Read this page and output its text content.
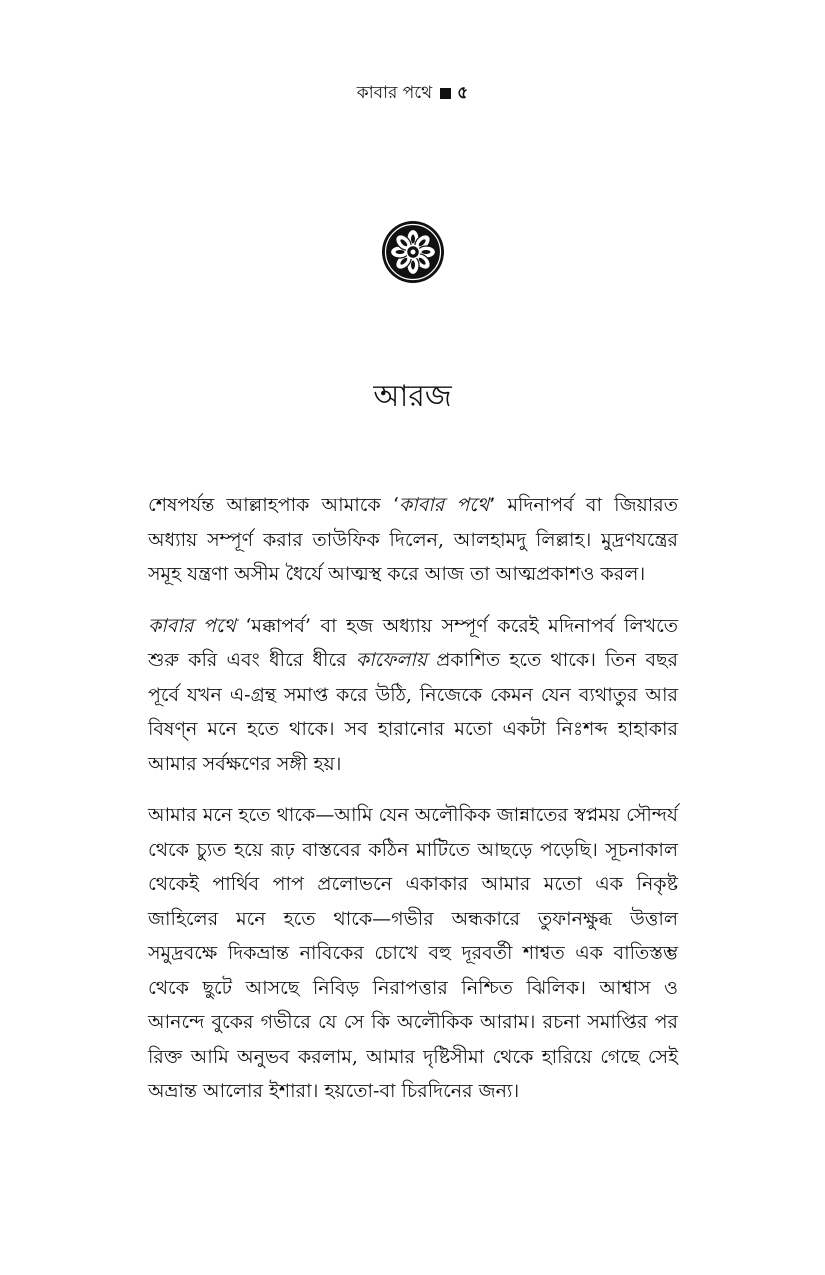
কাবার পথে ৫
আরজ

শেষপর্যন্ত আল্লাহপাক আমাকে ‘কাবার পথে’ মদিনাপর্ব বা জিয়ারত অধ্যায় সম্পূর্ণ করার তাউফিক দিলেন, আলহামদু লিল্লাহ। মুদ্রণযন্ত্রের সমূহ যন্ত্রণা অসীম ধৈর্যে আত্মস্থ করে আজ তা আত্মপ্রকাশও করল।

কাবার পথে ‘মক্কাপর্ব’ বা হজ অধ্যায় সম্পূর্ণ করেই মদিনাপর্ব লিখতে শুরু করি এবং ধীরে ধীরে কাফেলায় প্রকাশিত হতে থাকে। তিন বছর পূর্বে যখন এ-গ্রন্থ সমাপ্ত করে উঠি, নিজেকে কেমন যেন ব্যথাতুর আর বিষণ্ন মনে হতে থাকে। সব হারানোর মতো একটা নিঃশব্দ হাহাকার আমার সর্বক্ষণের সঙ্গী হয়।

আমার মনে হতে থাকে—আমি যেন অলৌকিক জান্নাতের স্বপ্নময় সৌন্দর্য থেকে চ্যুত হয়ে রূঢ় বাস্তবের কঠিন মাটিতে আছড়ে পড়েছি। সূচনাকাল থেকেই পার্থিব পাপ প্রলোভনে একাকার আমার মতো এক নিকৃষ্ট জাহিলের মনে হতে থাকে—গভীর অন্ধকারে তুফানক্ষুব্ধ উত্তাল সমুদ্রবক্ষে দিকভ্রান্ত নাবিকের চোখে বহু দূরবর্তী শাশ্বত এক বাতিস্তম্ভ থেকে ছুটে আসছে নিবিড় নিরাপত্তার নিশ্চিত ঝিলিক। আশ্বাস ও আনন্দে বুকের গভীরে যে সে কি অলৌকিক আরাম। রচনা সমাপ্তির পর রিক্ত আমি অনুভব করলাম, আমার দৃষ্টিসীমা থেকে হারিয়ে গেছে সেই অভ্রান্ত আলোর ইশারা। হয়তো-বা চিরদিনের জন্য।
